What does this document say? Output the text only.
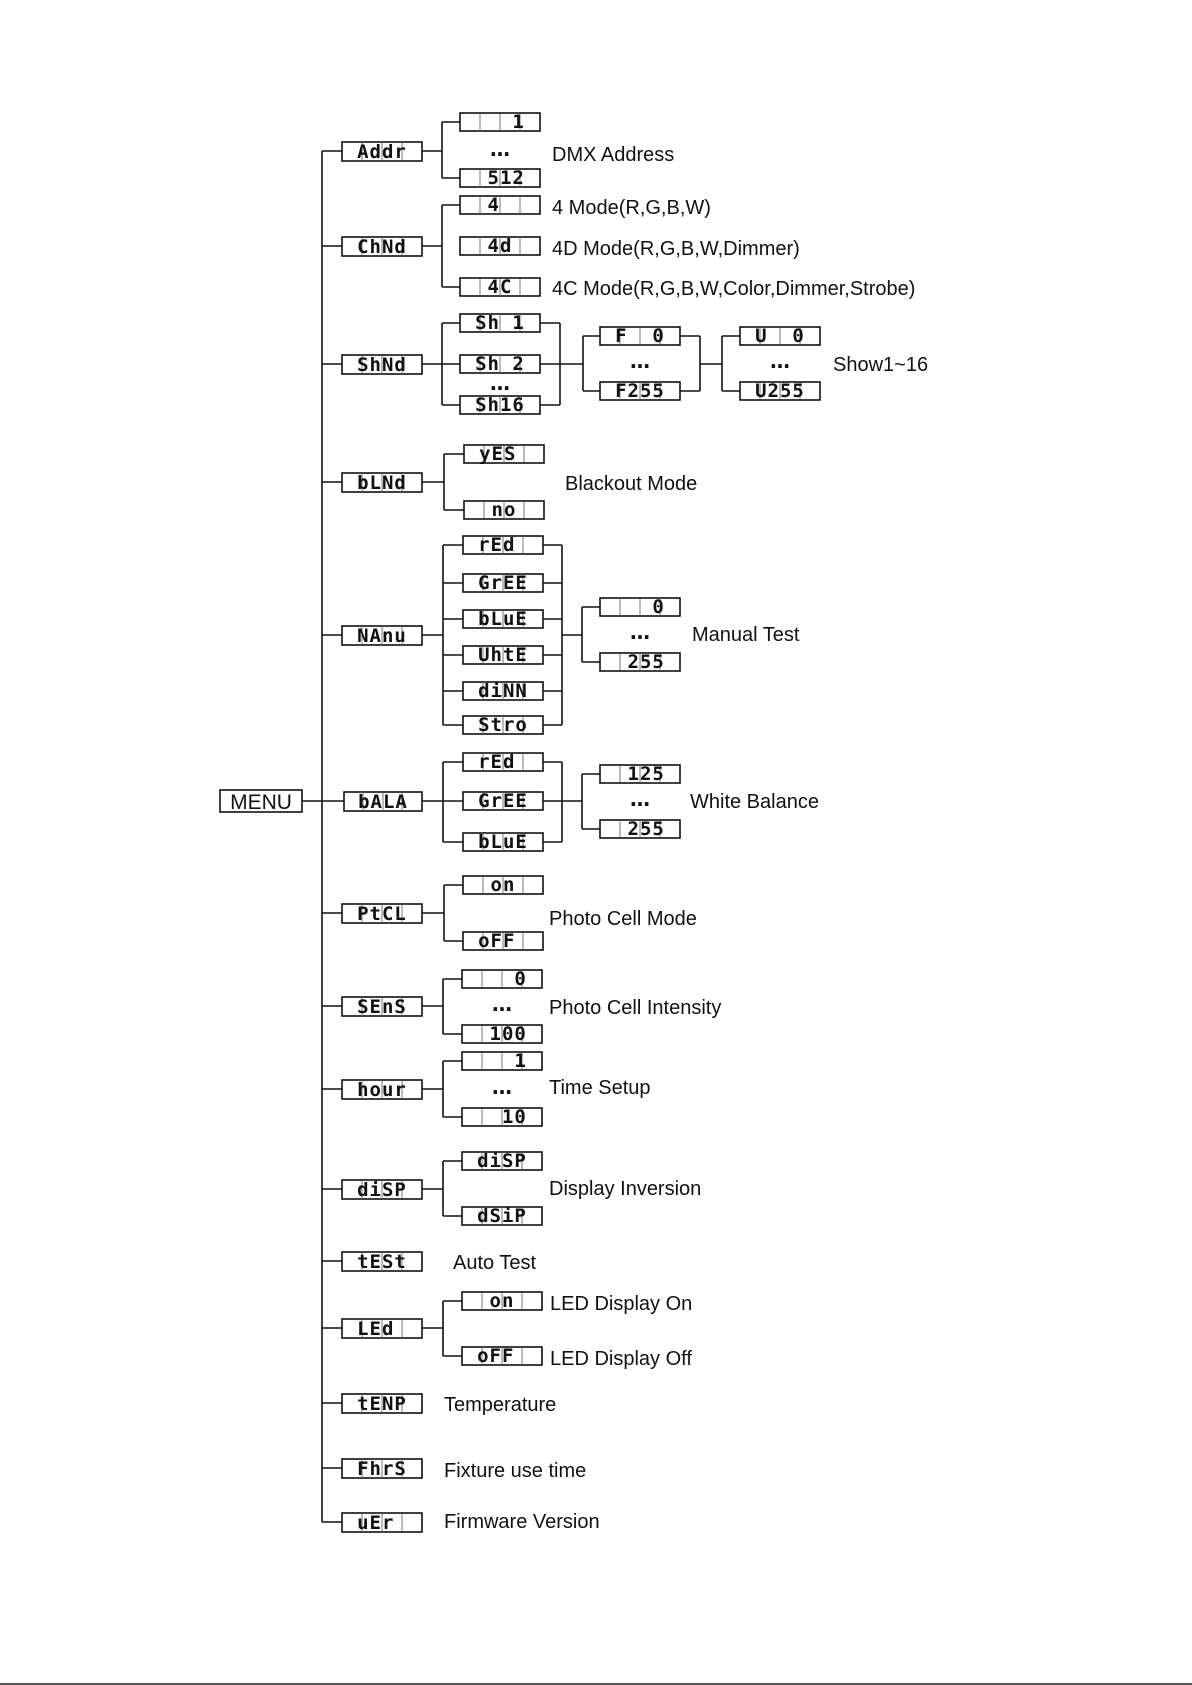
MENU
Addr
1
…
512
DMX Address
ChNd
4
4d
4C
4 Mode(R,G,B,W)
4D Mode(R,G,B,W,Dimmer)
4C Mode(R,G,B,W,Color,Dimmer,Strobe)
ShNd
Sh 1
Sh 2
…
Sh16
F  0
…
F255
U  0
…
U255
Show1~16
bLNd
yES
no
Blackout Mode
NAnu
rEd
GrEE
bLuE
UhtE
diNN
Stro
0
…
255
Manual Test
bALA
rEd
GrEE
bLuE
125
…
255
White Balance
PtCL
on
oFF
Photo Cell Mode
SEnS
0
…
100
Photo Cell Intensity
hour
1
…
10
Time Setup
diSP
diSP
dSiP
Display Inversion
tESt Auto Test
LEd
on
oFF
LED Display On
LED Display Off
tENP Temperature
FhrS Fixture use time
uEr Firmware Version
